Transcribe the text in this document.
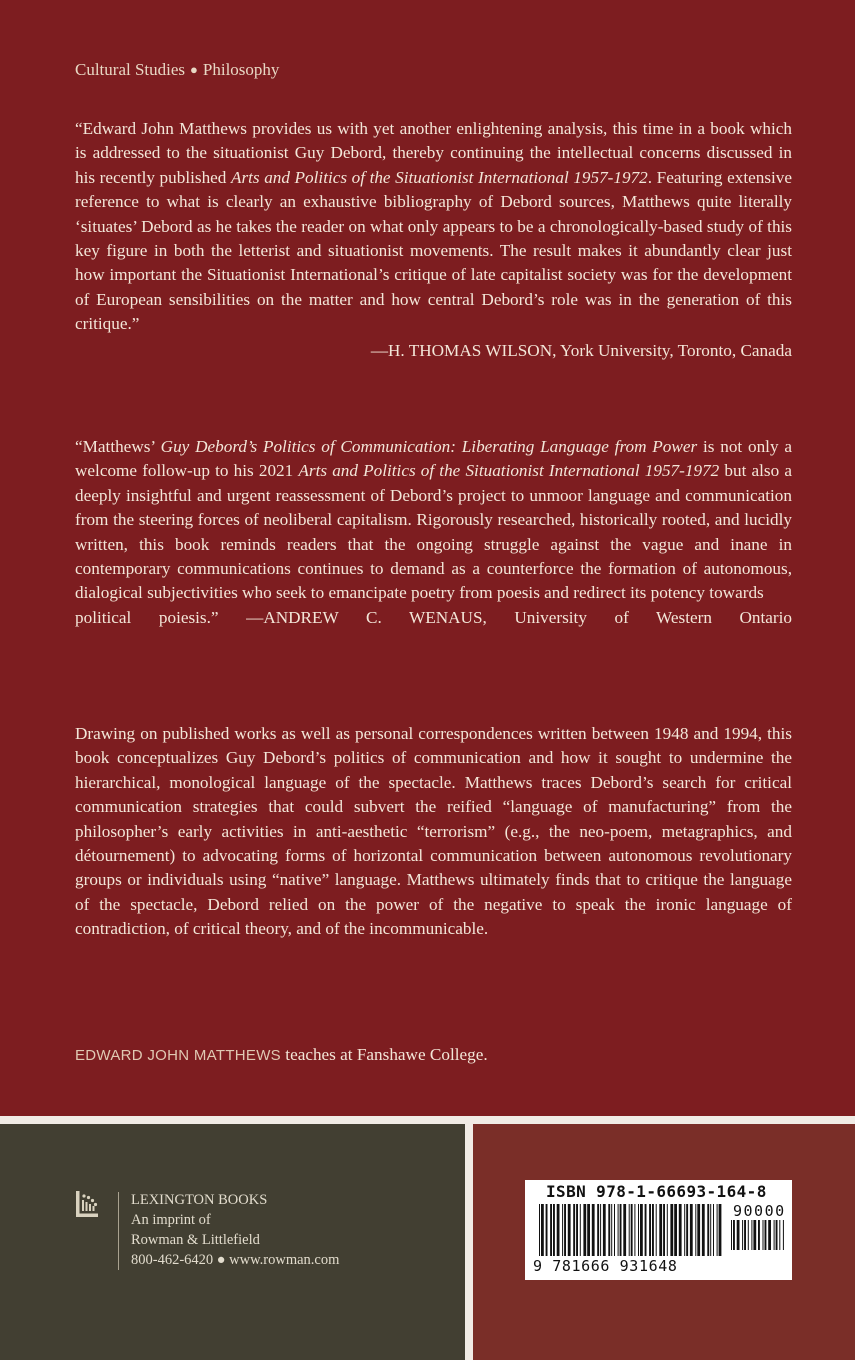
Cultural Studies ● Philosophy

“Edward John Matthews provides us with yet another enlightening analysis, this time in a book which is addressed to the situationist Guy Debord, thereby continuing the intellectual concerns discussed in his recently published Arts and Politics of the Situationist International 1957-1972. Featuring extensive reference to what is clearly an exhaustive bibliography of Debord sources, Matthews quite literally ‘situates’ Debord as he takes the reader on what only appears to be a chronologically-based study of this key figure in both the letterist and situationist movements. The result makes it abundantly clear just how important the Situationist International’s critique of late capitalist society was for the development of European sensibilities on the matter and how central Debord’s role was in the generation of this critique.”

—H. THOMAS WILSON, York University, Toronto, Canada

“Matthews’ Guy Debord’s Politics of Communication: Liberating Language from Power is not only a welcome follow-up to his 2021 Arts and Politics of the Situationist International 1957-1972 but also a deeply insightful and urgent reassessment of Debord’s project to unmoor language and communication from the steering forces of neoliberal capitalism. Rigorously researched, historically rooted, and lucidly written, this book reminds readers that the ongoing struggle against the vague and inane in contemporary communications continues to demand as a counterforce the formation of autonomous, dialogical subjectivities who seek to emancipate poetry from poesis and redirect its potency towards

political poiesis.” —ANDREW C. WENAUS, University of Western Ontario

Drawing on published works as well as personal correspondences written between 1948 and 1994, this book conceptualizes Guy Debord’s politics of communication and how it sought to undermine the hierarchical, monological language of the spectacle. Matthews traces Debord’s search for critical communication strategies that could subvert the reified “language of manufacturing” from the philosopher’s early activities in anti-aesthetic “terrorism” (e.g., the neo-poem, metagraphics, and détournement) to advocating forms of horizontal communication between autonomous revolutionary groups or individuals using “native” language. Matthews ultimately finds that to critique the language of the spectacle, Debord relied on the power of the negative to speak the ironic language of contradiction, of critical theory, and of the incommunicable.
EDWARD JOHN MATTHEWS teaches at Fanshawe College.
LEXINGTON BOOKS
An imprint of
Rowman & Littlefield
800-462-6420 ● www.rowman.com
ISBN 978-1-66693-164-8
9 781666 931648
90000
